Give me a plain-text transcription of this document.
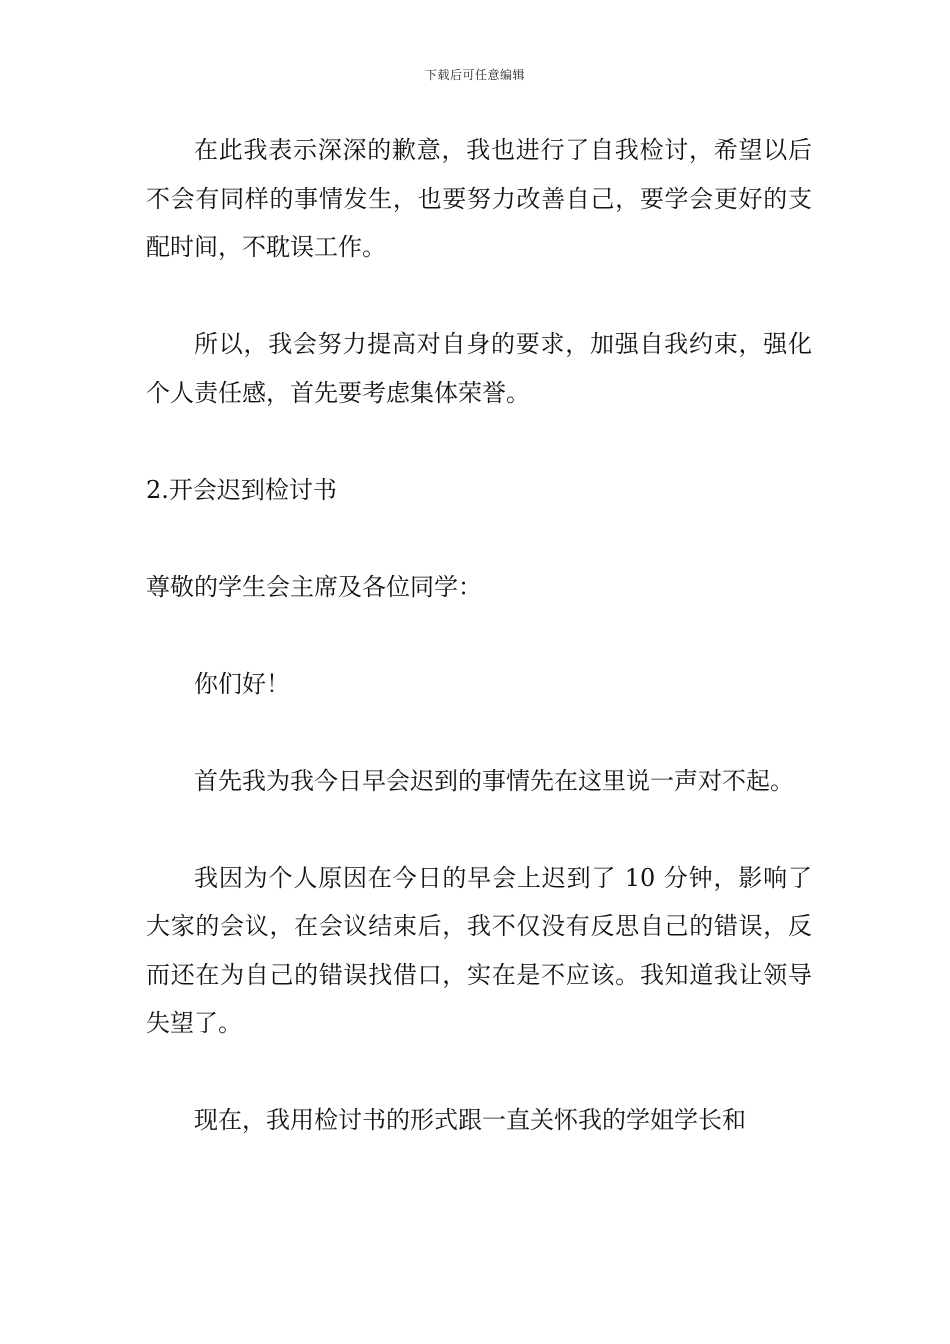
下载后可任意编辑

在此我表示深深的歉意，我也进行了自我检讨，希望以后不会有同样的事情发生，也要努力改善自己，要学会更好的支配时间，不耽误工作。

所以，我会努力提高对自身的要求，加强自我约束，强化个人责任感，首先要考虑集体荣誉。

2.开会迟到检讨书

尊敬的学生会主席及各位同学：

你们好！

首先我为我今日早会迟到的事情先在这里说一声对不起。

我因为个人原因在今日的早会上迟到了 10 分钟，影响了大家的会议，在会议结束后，我不仅没有反思自己的错误，反而还在为自己的错误找借口，实在是不应该。我知道我让领导失望了。

现在，我用检讨书的形式跟一直关怀我的学姐学长和
